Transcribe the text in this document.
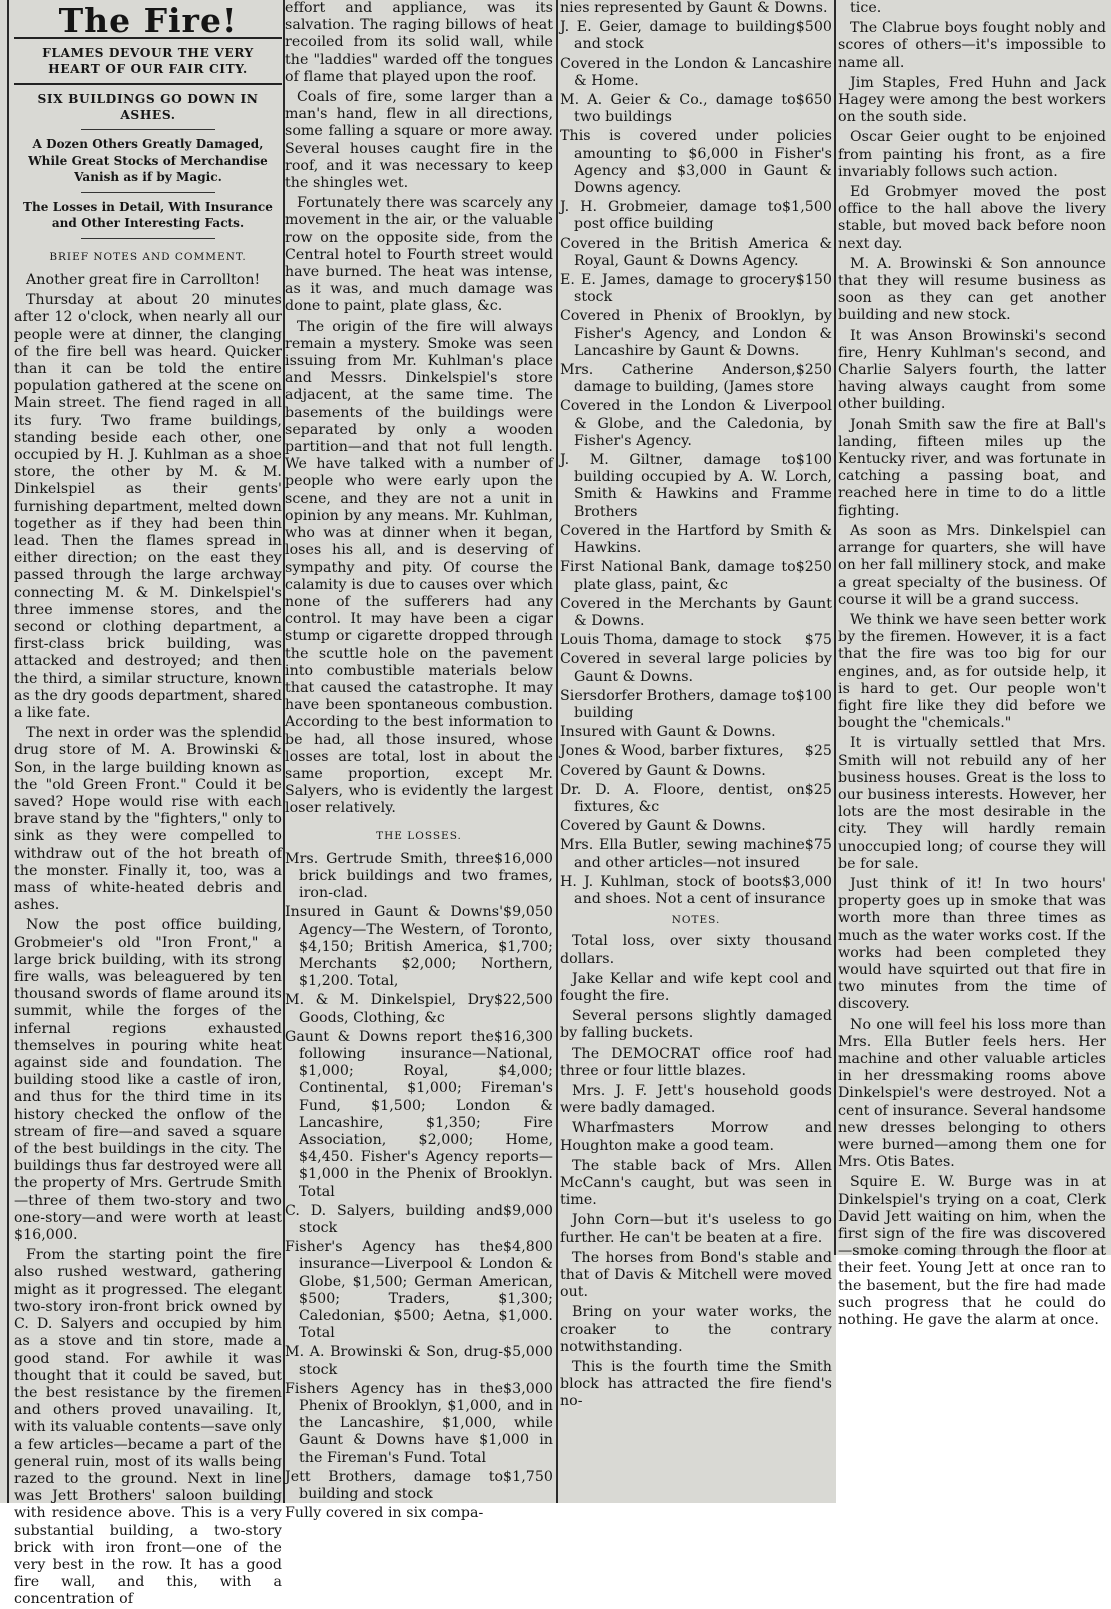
The Fire!
FLAMES DEVOUR THE VERY HEART OF OUR FAIR CITY.
SIX BUILDINGS GO DOWN IN ASHES.
A Dozen Others Greatly Damaged, While Great Stocks of Merchandise Vanish as if by Magic.
The Losses in Detail, With Insurance and Other Interesting Facts.
BRIEF NOTES AND COMMENT.

Another great fire in Carrollton!

Thursday at about 20 minutes after 12 o'clock, when nearly all our people were at dinner, the clanging of the fire bell was heard. Quicker than it can be told the entire population gathered at the scene on Main street. The fiend raged in all its fury. Two frame buildings, standing beside each other, one occupied by H. J. Kuhlman as a shoe store, the other by M. & M. Dinkelspiel as their gents' furnishing department, melted down together as if they had been thin lead. Then the flames spread in either direction; on the east they passed through the large archway connecting M. & M. Dinkelspiel's three immense stores, and the second or clothing department, a first-class brick building, was attacked and destroyed; and then the third, a similar structure, known as the dry goods department, shared a like fate.

The next in order was the splendid drug store of M. A. Browinski & Son, in the large building known as the "old Green Front." Could it be saved? Hope would rise with each brave stand by the "fighters," only to sink as they were compelled to withdraw out of the hot breath of the monster. Finally it, too, was a mass of white-heated debris and ashes.

Now the post office building, Grobmeier's old "Iron Front," a large brick building, with its strong fire walls, was beleaguered by ten thousand swords of flame around its summit, while the forges of the infernal regions exhausted themselves in pouring white heat against side and foundation. The building stood like a castle of iron, and thus for the third time in its history checked the onflow of the stream of fire—and saved a square of the best buildings in the city. The buildings thus far destroyed were all the property of Mrs. Gertrude Smith—three of them two-story and two one-story—and were worth at least $16,000.

From the starting point the fire also rushed westward, gathering might as it progressed. The elegant two-story iron-front brick owned by C. D. Salyers and occupied by him as a stove and tin store, made a good stand. For awhile it was thought that it could be saved, but the best resistance by the firemen and others proved unavailing. It, with its valuable contents—save only a few articles—became a part of the general ruin, most of its walls being razed to the ground. Next in line was Jett Brothers' saloon building with residence above. This is a very substantial building, a two-story brick with iron front—one of the very best in the row. It has a good fire wall, and this, with a concentration of

effort and appliance, was its salvation. The raging billows of heat recoiled from its solid wall, while the "laddies" warded off the tongues of flame that played upon the roof.

Coals of fire, some larger than a man's hand, flew in all directions, some falling a square or more away. Several houses caught fire in the roof, and it was necessary to keep the shingles wet.

Fortunately there was scarcely any movement in the air, or the valuable row on the opposite side, from the Central hotel to Fourth street would have burned. The heat was intense, as it was, and much damage was done to paint, plate glass, &c.

The origin of the fire will always remain a mystery. Smoke was seen issuing from Mr. Kuhlman's place and Messrs. Dinkelspiel's store adjacent, at the same time. The basements of the buildings were separated by only a wooden partition—and that not full length. We have talked with a number of people who were early upon the scene, and they are not a unit in opinion by any means. Mr. Kuhlman, who was at dinner when it began, loses his all, and is deserving of sympathy and pity. Of course the calamity is due to causes over which none of the sufferers had any control. It may have been a cigar stump or cigarette dropped through the scuttle hole on the pavement into combustible materials below that caused the catastrophe. It may have been spontaneous combustion. According to the best information to be had, all those insured, whose losses are total, lost in about the same proportion, except Mr. Salyers, who is evidently the largest loser relatively.

THE LOSSES.

$16,000
Mrs. Gertrude Smith, three brick buildings and two frames, iron-clad.

$9,050
Insured in Gaunt & Downs' Agency—The Western, of Toronto, $4,150; British America, $1,700; Merchants $2,000; Northern, $1,200. Total,

$22,500
M. & M. Dinkelspiel, Dry Goods, Clothing, &c

$16,300
Gaunt & Downs report the following insurance—National, $1,000; Royal, $4,000; Continental, $1,000; Fireman's Fund, $1,500; London & Lancashire, $1,350; Fire Association, $2,000; Home, $4,450. Fisher's Agency reports—$1,000 in the Phenix of Brooklyn. Total

$9,000
C. D. Salyers, building and stock

$4,800
Fisher's Agency has the insurance—Liverpool & London & Globe, $1,500; German American, $500; Traders, $1,300; Caledonian, $500; Aetna, $1,000. Total

$5,000
M. A. Browinski & Son, drug-stock

$3,000
Fishers Agency has in the Phenix of Brooklyn, $1,000, and in the Lancashire, $1,000, while Gaunt & Downs have $1,000 in the Fireman's Fund. Total

$1,750
Jett Brothers, damage to building and stock

Fully covered in six compa-

nies represented by Gaunt & Downs.

$500
J. E. Geier, damage to building and stock

Covered in the London & Lancashire & Home.

$650
M. A. Geier & Co., damage to two buildings

This is covered under policies amounting to $6,000 in Fisher's Agency and $3,000 in Gaunt & Downs agency.

$1,500
J. H. Grobmeier, damage to post office building

Covered in the British America & Royal, Gaunt & Downs Agency.

$150
E. E. James, damage to grocery stock

Covered in Phenix of Brooklyn, by Fisher's Agency, and London & Lancashire by Gaunt & Downs.

$250
Mrs. Catherine Anderson, damage to building, (James store

Covered in the London & Liverpool & Globe, and the Caledonia, by Fisher's Agency.

$100
J. M. Giltner, damage to building occupied by A. W. Lorch, Smith & Hawkins and Framme Brothers

Covered in the Hartford by Smith & Hawkins.

$250
First National Bank, damage to plate glass, paint, &c

Covered in the Merchants by Gaunt & Downs.

$75
Louis Thoma, damage to stock

Covered in several large policies by Gaunt & Downs.

$100
Siersdorfer Brothers, damage to building

Insured with Gaunt & Downs.

$25
Jones & Wood, barber fixtures,

Covered by Gaunt & Downs.

$25
Dr. D. A. Floore, dentist, on fixtures, &c

Covered by Gaunt & Downs.

$75
Mrs. Ella Butler, sewing machine and other articles—not insured

$3,000
H. J. Kuhlman, stock of boots and shoes. Not a cent of insurance

NOTES.

Total loss, over sixty thousand dollars.

Jake Kellar and wife kept cool and fought the fire.

Several persons slightly damaged by falling buckets.

The DEMOCRAT office roof had three or four little blazes.

Mrs. J. F. Jett's household goods were badly damaged.

Wharfmasters Morrow and Houghton make a good team.

The stable back of Mrs. Allen McCann's caught, but was seen in time.

John Corn—but it's useless to go further. He can't be beaten at a fire.

The horses from Bond's stable and that of Davis & Mitchell were moved out.

Bring on your water works, the croaker to the contrary notwithstanding.

This is the fourth time the Smith block has attracted the fire fiend's no-

tice.

The Clabrue boys fought nobly and scores of others—it's impossible to name all.

Jim Staples, Fred Huhn and Jack Hagey were among the best workers on the south side.

Oscar Geier ought to be enjoined from painting his front, as a fire invariably follows such action.

Ed Grobmyer moved the post office to the hall above the livery stable, but moved back before noon next day.

M. A. Browinski & Son announce that they will resume business as soon as they can get another building and new stock.

It was Anson Browinski's second fire, Henry Kuhlman's second, and Charlie Salyers fourth, the latter having always caught from some other building.

Jonah Smith saw the fire at Ball's landing, fifteen miles up the Kentucky river, and was fortunate in catching a passing boat, and reached here in time to do a little fighting.

As soon as Mrs. Dinkelspiel can arrange for quarters, she will have on her fall millinery stock, and make a great specialty of the business. Of course it will be a grand success.

We think we have seen better work by the firemen. However, it is a fact that the fire was too big for our engines, and, as for outside help, it is hard to get. Our people won't fight fire like they did before we bought the "chemicals."

It is virtually settled that Mrs. Smith will not rebuild any of her business houses. Great is the loss to our business interests. However, her lots are the most desirable in the city. They will hardly remain unoccupied long; of course they will be for sale.

Just think of it! In two hours' property goes up in smoke that was worth more than three times as much as the water works cost. If the works had been completed they would have squirted out that fire in two minutes from the time of discovery.

No one will feel his loss more than Mrs. Ella Butler feels hers. Her machine and other valuable articles in her dressmaking rooms above Dinkelspiel's were destroyed. Not a cent of insurance. Several handsome new dresses belonging to others were burned—among them one for Mrs. Otis Bates.

Squire E. W. Burge was in at Dinkelspiel's trying on a coat, Clerk David Jett waiting on him, when the first sign of the fire was discovered—smoke coming through the floor at their feet. Young Jett at once ran to the basement, but the fire had made such progress that he could do nothing. He gave the alarm at once.
